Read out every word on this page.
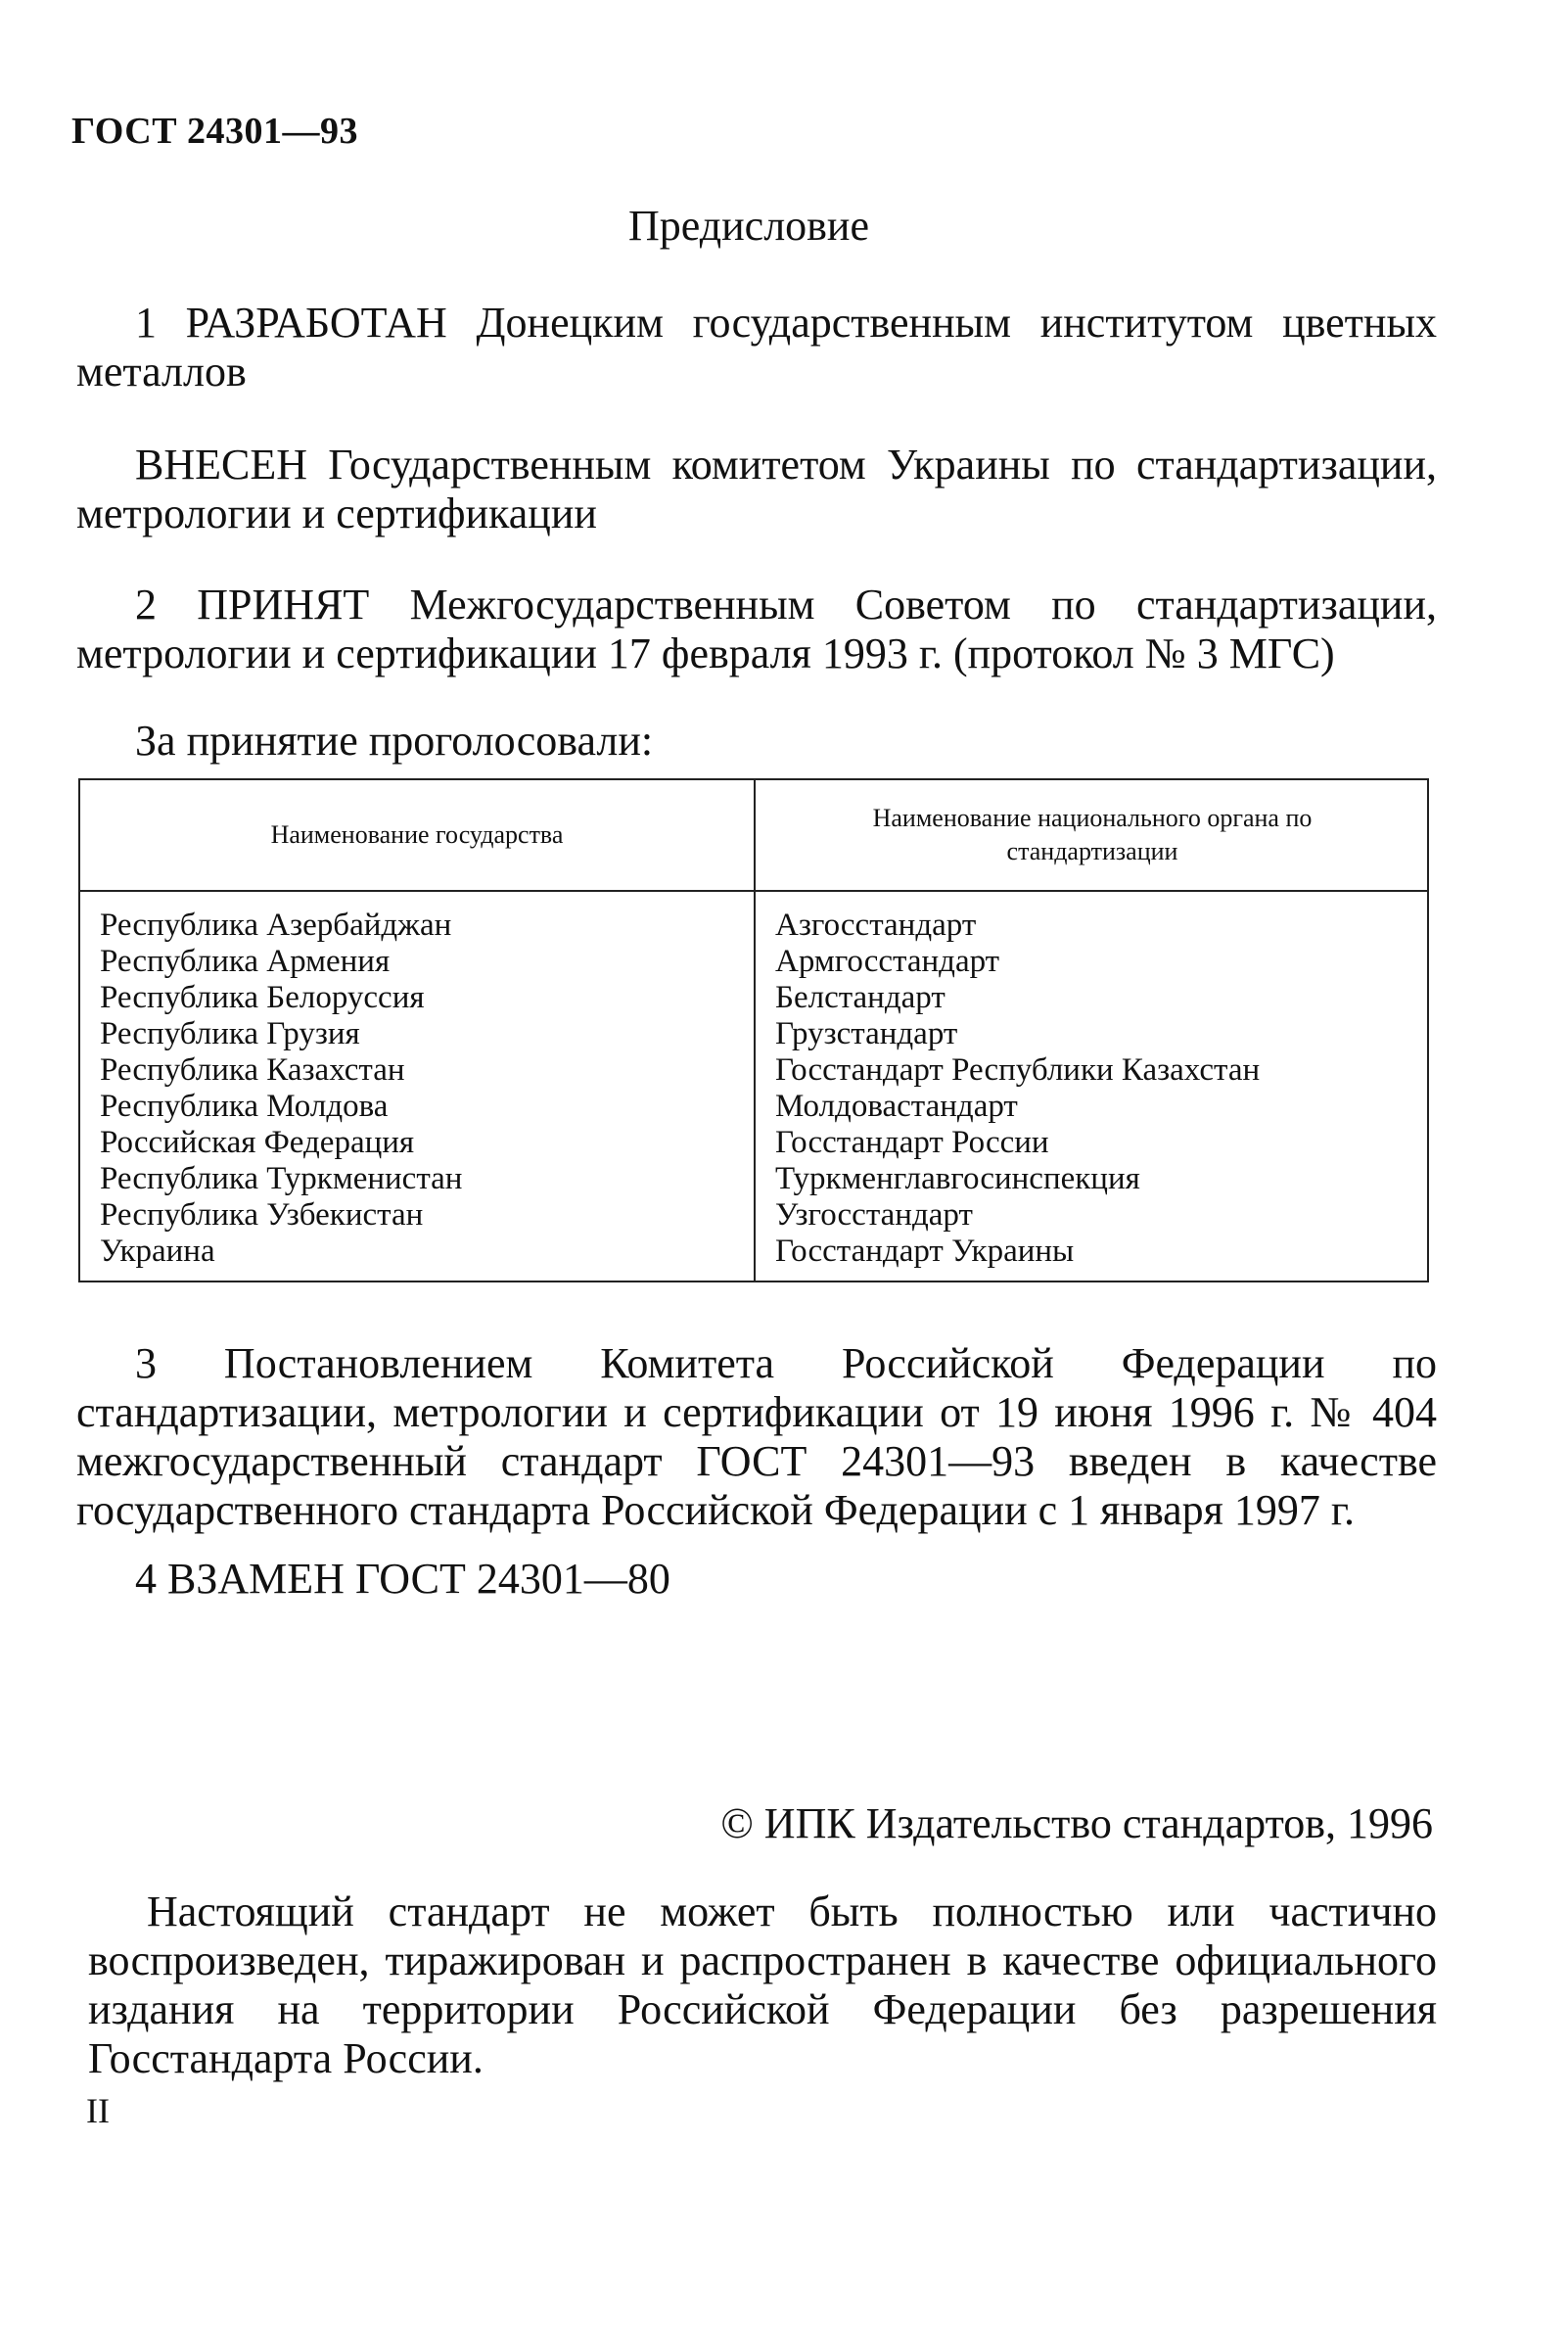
ГОСТ 24301—93
Предисловие
1 РАЗРАБОТАН Донецким государственным институтом цветных металлов
ВНЕСЕН Государственным комитетом Украины по стандартизации, метрологии и сертификации
2 ПРИНЯТ Межгосударственным Советом по стандартизации, метрологии и сертификации 17 февраля 1993 г. (протокол № 3 МГС)
За принятие проголосовали:
Наименование государства
Наименование национального органа по стандартизации
Республика Азербайджан
Республика Армения
Республика Белоруссия
Республика Грузия
Республика Казахстан
Республика Молдова
Российская Федерация
Республика Туркменистан
Республика Узбекистан
Украина
Азгосстандарт
Армгосстандарт
Белстандарт
Грузстандарт
Госстандарт Республики Казахстан
Молдовастандарт
Госстандарт России
Туркменглавгосинспекция
Узгосстандарт
Госстандарт Украины
3 Постановлением Комитета Российской Федерации по стандартизации, метрологии и сертификации от 19 июня 1996 г. № 404 межгосударственный стандарт ГОСТ 24301—93 введен в качестве государственного стандарта Российской Федерации с 1 января 1997 г.
4 ВЗАМЕН ГОСТ 24301—80
© ИПК Издательство стандартов, 1996
Настоящий стандарт не может быть полностью или частично воспроизведен, тиражирован и распространен в качестве официального издания на территории Российской Федерации без разрешения Госстандарта России.
II
